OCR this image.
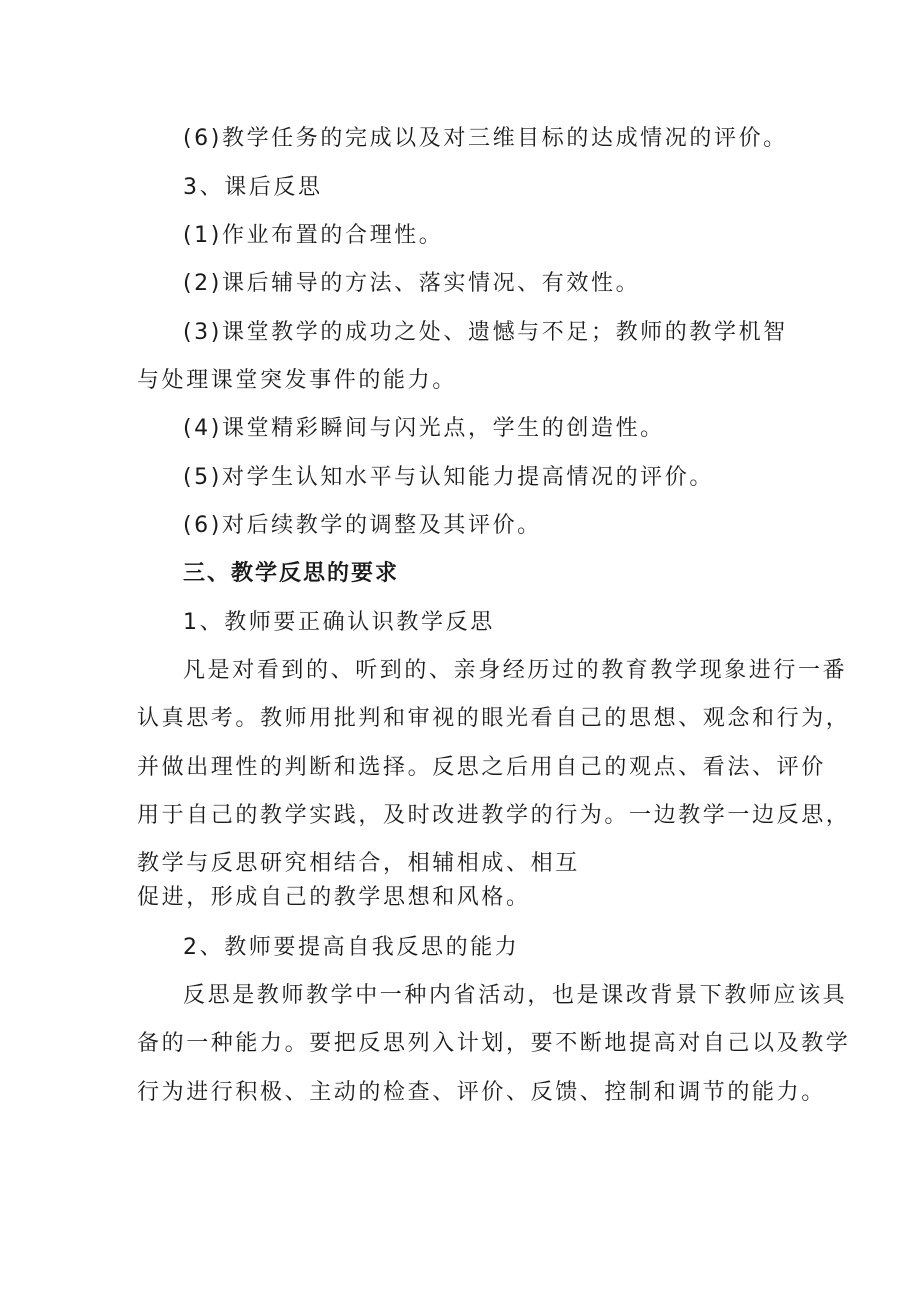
(6)教学任务的完成以及对三维目标的达成情况的评价。

3、课后反思

(1)作业布置的合理性。

(2)课后辅导的方法、落实情况、有效性。

(3)课堂教学的成功之处、遗憾与不足；教师的教学机智

与处理课堂突发事件的能力。

(4)课堂精彩瞬间与闪光点，学生的创造性。

(5)对学生认知水平与认知能力提高情况的评价。

(6)对后续教学的调整及其评价。

三、教学反思的要求

1、教师要正确认识教学反思

凡是对看到的、听到的、亲身经历过的教育教学现象进行一番

认真思考。教师用批判和审视的眼光看自己的思想、观念和行为，

并做出理性的判断和选择。反思之后用自己的观点、看法、评价

用于自己的教学实践，及时改进教学的行为。一边教学一边反思，

教学与反思研究相结合，相辅相成、相互

促进，形成自己的教学思想和风格。

2、教师要提高自我反思的能力

反思是教师教学中一种内省活动，也是课改背景下教师应该具

备的一种能力。要把反思列入计划，要不断地提高对自己以及教学

行为进行积极、主动的检查、评价、反馈、控制和调节的能力。
